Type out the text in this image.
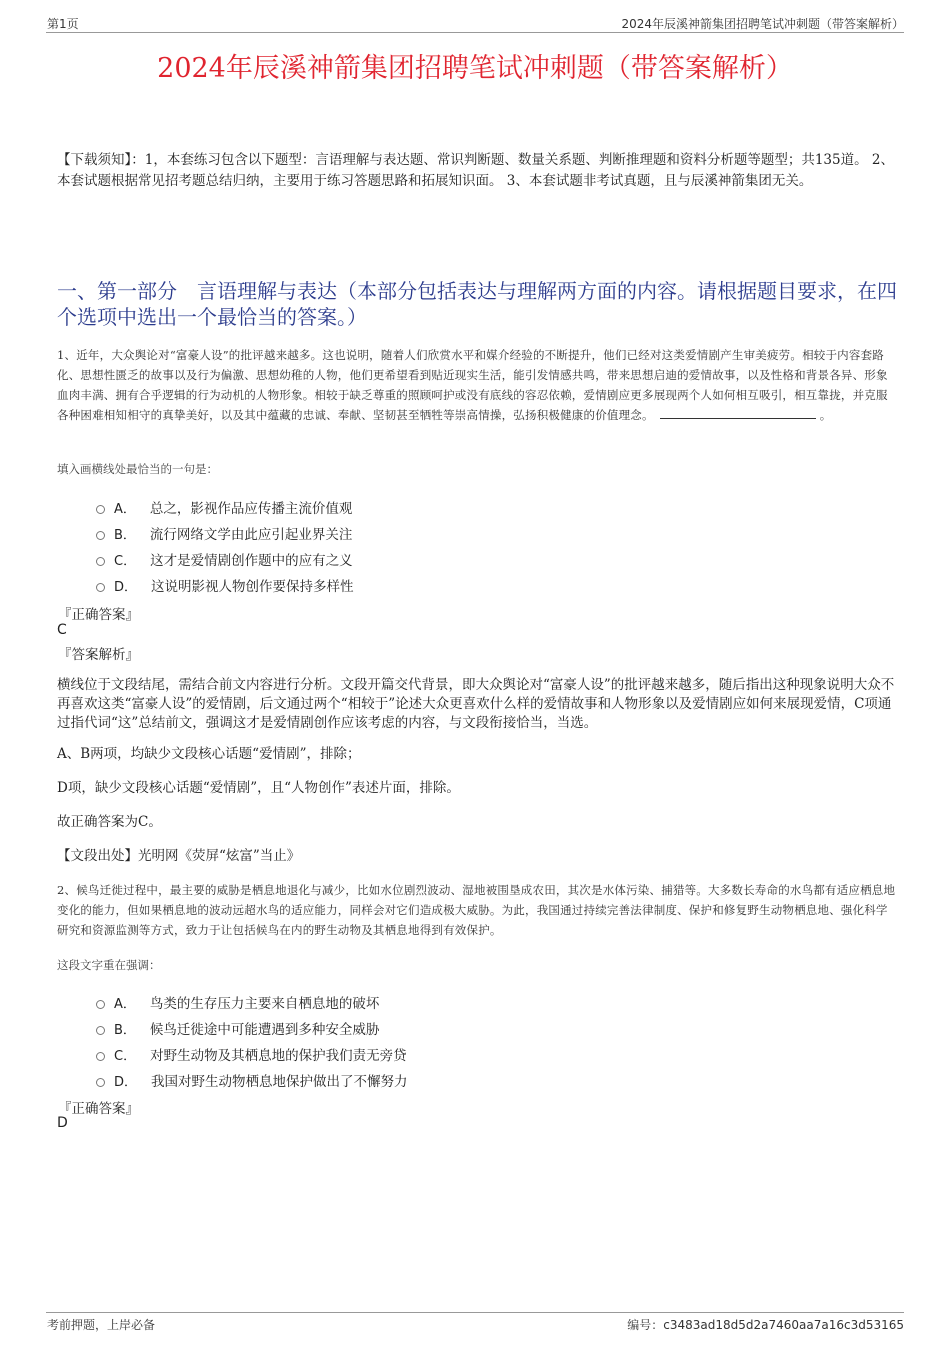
第1页	2024年辰溪神箭集团招聘笔试冲刺题（带答案解析）
2024年辰溪神箭集团招聘笔试冲刺题（带答案解析）
【下载须知】：1，本套练习包含以下题型：言语理解与表达题、常识判断题、数量关系题、判断推理题和资料分析题等题型；共135道。 2、本套试题根据常见招考题总结归纳，主要用于练习答题思路和拓展知识面。 3、本套试题非考试真题，且与辰溪神箭集团无关。
一、第一部分　言语理解与表达（本部分包括表达与理解两方面的内容。请根据题目要求，在四个选项中选出一个最恰当的答案。）
1、近年，大众舆论对“富豪人设”的批评越来越多。这也说明，随着人们欣赏水平和媒介经验的不断提升，他们已经对这类爱情剧产生审美疲劳。相较于内容套路化、思想性匮乏的故事以及行为偏激、思想幼稚的人物，他们更希望看到贴近现实生活，能引发情感共鸣，带来思想启迪的爱情故事，以及性格和背景各异、形象血肉丰满、拥有合乎逻辑的行为动机的人物形象。相较于缺乏尊重的照顾呵护或没有底线的容忍依赖，爱情剧应更多展现两个人如何相互吸引，相互靠拢，并克服各种困难相知相守的真挚美好，以及其中蕴藏的忠诚、奉献、坚韧甚至牺牲等崇高情操，弘扬积极健康的价值理念。	。
填入画横线处最恰当的一句是：
A． 总之，影视作品应传播主流价值观
B． 流行网络文学由此应引起业界关注
C． 这才是爱情剧创作题中的应有之义
D． 这说明影视人物创作要保持多样性
『正确答案』
C
『答案解析』
横线位于文段结尾，需结合前文内容进行分析。文段开篇交代背景，即大众舆论对“富豪人设”的批评越来越多，随后指出这种现象说明大众不再喜欢这类“富豪人设”的爱情剧，后文通过两个“相较于”论述大众更喜欢什么样的爱情故事和人物形象以及爱情剧应如何来展现爱情，C项通过指代词“这”总结前文，强调这才是爱情剧创作应该考虑的内容，与文段衔接恰当，当选。
A、B两项，均缺少文段核心话题“爱情剧”，排除；
D项，缺少文段核心话题“爱情剧”，且“人物创作”表述片面，排除。
故正确答案为C。
【文段出处】光明网《荧屏“炫富”当止》
2、候鸟迁徙过程中，最主要的威胁是栖息地退化与减少，比如水位剧烈波动、湿地被围垦成农田，其次是水体污染、捕猎等。大多数长寿命的水鸟都有适应栖息地变化的能力，但如果栖息地的波动远超水鸟的适应能力，同样会对它们造成极大威胁。为此，我国通过持续完善法律制度、保护和修复野生动物栖息地、强化科学研究和资源监测等方式，致力于让包括候鸟在内的野生动物及其栖息地得到有效保护。
这段文字重在强调：
A． 鸟类的生存压力主要来自栖息地的破坏
B． 候鸟迁徙途中可能遭遇到多种安全威胁
C． 对野生动物及其栖息地的保护我们责无旁贷
D． 我国对野生动物栖息地保护做出了不懈努力
『正确答案』
D
考前押题，上岸必备	编号：c3483ad18d5d2a7460aa7a16c3d53165
